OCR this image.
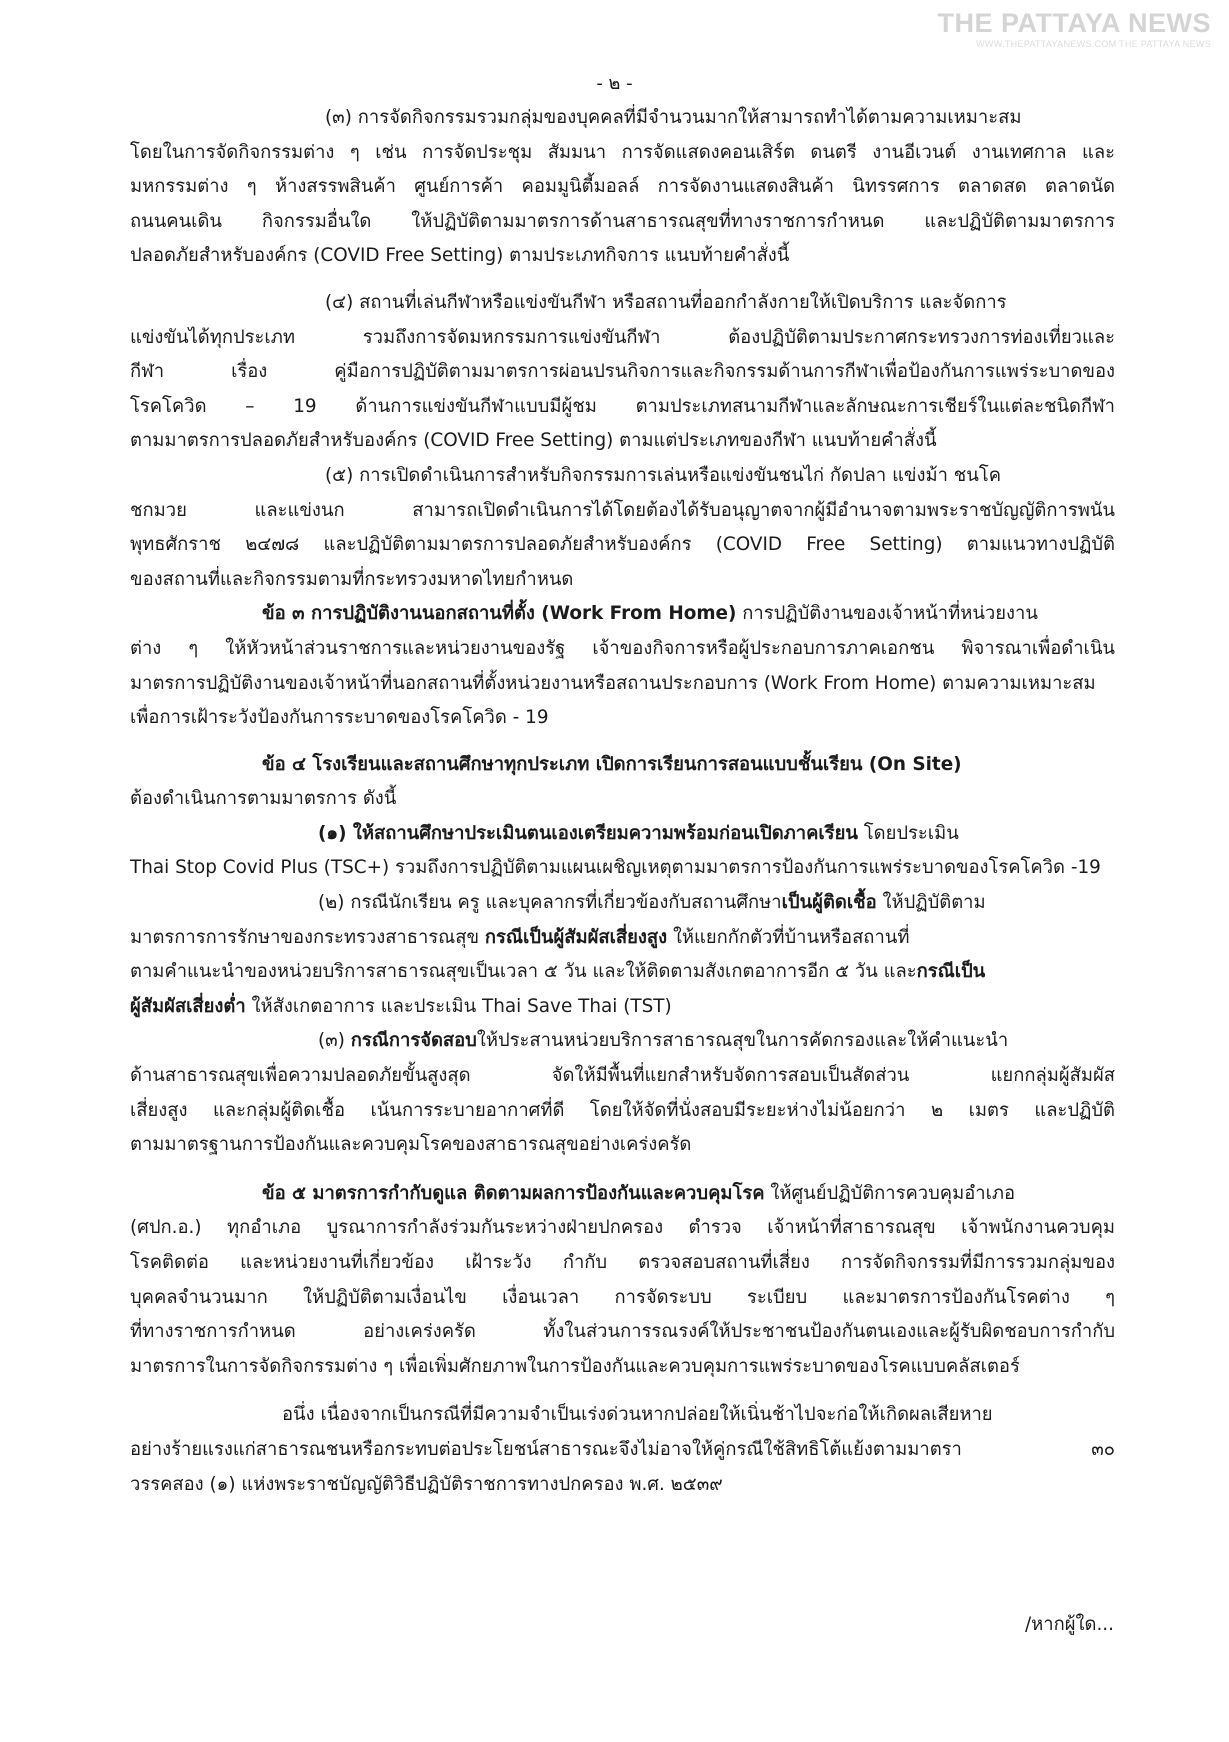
THE PATTAYA NEWS
WWW.THEPATTAYANEWS.COM THE PATTAYA NEWS
- ๒ -
(๓) การจัดกิจกรรมรวมกลุ่มของบุคคลที่มีจำนวนมากให้สามารถทำได้ตามความเหมาะสม
โดยในการจัดกิจกรรมต่าง ๆ เช่น การจัดประชุม สัมมนา การจัดแสดงคอนเสิร์ต ดนตรี งานอีเวนต์ งานเทศกาล และ
มหกรรมต่าง ๆ ห้างสรรพสินค้า ศูนย์การค้า คอมมูนิตี้มอลล์ การจัดงานแสดงสินค้า นิทรรศการ ตลาดสด ตลาดนัด
ถนนคนเดิน กิจกรรมอื่นใด ให้ปฏิบัติตามมาตรการด้านสาธารณสุขที่ทางราชการกำหนด และปฏิบัติตามมาตรการ
ปลอดภัยสำหรับองค์กร (COVID Free Setting) ตามประเภทกิจการ แนบท้ายคำสั่งนี้
(๔) สถานที่เล่นกีฬาหรือแข่งขันกีฬา หรือสถานที่ออกกำลังกายให้เปิดบริการ และจัดการ
แข่งขันได้ทุกประเภท รวมถึงการจัดมหกรรมการแข่งขันกีฬา ต้องปฏิบัติตามประกาศกระทรวงการท่องเที่ยวและ
กีฬา เรื่อง คู่มือการปฏิบัติตามมาตรการผ่อนปรนกิจการและกิจกรรมด้านการกีฬาเพื่อป้องกันการแพร่ระบาดของ
โรคโควิด – 19 ด้านการแข่งขันกีฬาแบบมีผู้ชม ตามประเภทสนามกีฬาและลักษณะการเชียร์ในแต่ละชนิดกีฬา
ตามมาตรการปลอดภัยสำหรับองค์กร (COVID Free Setting) ตามแต่ประเภทของกีฬา แนบท้ายคำสั่งนี้
(๕) การเปิดดำเนินการสำหรับกิจกรรมการเล่นหรือแข่งขันชนไก่ กัดปลา แข่งม้า ชนโค
ชกมวย และแข่งนก สามารถเปิดดำเนินการได้โดยต้องได้รับอนุญาตจากผู้มีอำนาจตามพระราชบัญญัติการพนัน
พุทธศักราช ๒๔๗๘ และปฏิบัติตามมาตรการปลอดภัยสำหรับองค์กร (COVID Free Setting) ตามแนวทางปฏิบัติ
ของสถานที่และกิจกรรมตามที่กระทรวงมหาดไทยกำหนด
ข้อ ๓ การปฏิบัติงานนอกสถานที่ตั้ง (Work From Home) การปฏิบัติงานของเจ้าหน้าที่หน่วยงาน
ต่าง ๆ ให้หัวหน้าส่วนราชการและหน่วยงานของรัฐ เจ้าของกิจการหรือผู้ประกอบการภาคเอกชน พิจารณาเพื่อดำเนิน
มาตรการปฏิบัติงานของเจ้าหน้าที่นอกสถานที่ตั้งหน่วยงานหรือสถานประกอบการ (Work From Home) ตามความเหมาะสม
เพื่อการเฝ้าระวังป้องกันการระบาดของโรคโควิด - 19
ข้อ ๔ โรงเรียนและสถานศึกษาทุกประเภท เปิดการเรียนการสอนแบบชั้นเรียน (On Site)
ต้องดำเนินการตามมาตรการ ดังนี้
(๑) ให้สถานศึกษาประเมินตนเองเตรียมความพร้อมก่อนเปิดภาคเรียน โดยประเมิน
Thai Stop Covid Plus (TSC+) รวมถึงการปฏิบัติตามแผนเผชิญเหตุตามมาตรการป้องกันการแพร่ระบาดของโรคโควิด -19
(๒) กรณีนักเรียน ครู และบุคลากรที่เกี่ยวข้องกับสถานศึกษาเป็นผู้ติดเชื้อ ให้ปฏิบัติตาม
มาตรการการรักษาของกระทรวงสาธารณสุข กรณีเป็นผู้สัมผัสเสี่ยงสูง ให้แยกกักตัวที่บ้านหรือสถานที่
ตามคำแนะนำของหน่วยบริการสาธารณสุขเป็นเวลา ๕ วัน และให้ติดตามสังเกตอาการอีก ๕ วัน และกรณีเป็น
ผู้สัมผัสเสี่ยงต่ำ ให้สังเกตอาการ และประเมิน Thai Save Thai (TST)
(๓) กรณีการจัดสอบให้ประสานหน่วยบริการสาธารณสุขในการคัดกรองและให้คำแนะนำ
ด้านสาธารณสุขเพื่อความปลอดภัยขั้นสูงสุด จัดให้มีพื้นที่แยกสำหรับจัดการสอบเป็นสัดส่วน แยกกลุ่มผู้สัมผัส
เสี่ยงสูง และกลุ่มผู้ติดเชื้อ เน้นการระบายอากาศที่ดี โดยให้จัดที่นั่งสอบมีระยะห่างไม่น้อยกว่า ๒ เมตร และปฏิบัติ
ตามมาตรฐานการป้องกันและควบคุมโรคของสาธารณสุขอย่างเคร่งครัด
ข้อ ๕ มาตรการกำกับดูแล ติดตามผลการป้องกันและควบคุมโรค ให้ศูนย์ปฏิบัติการควบคุมอำเภอ
(ศปก.อ.) ทุกอำเภอ บูรณาการกำลังร่วมกันระหว่างฝ่ายปกครอง ตำรวจ เจ้าหน้าที่สาธารณสุข เจ้าพนักงานควบคุม
โรคติดต่อ และหน่วยงานที่เกี่ยวข้อง เฝ้าระวัง กำกับ ตรวจสอบสถานที่เสี่ยง การจัดกิจกรรมที่มีการรวมกลุ่มของ
บุคคลจำนวนมาก ให้ปฏิบัติตามเงื่อนไข เงื่อนเวลา การจัดระบบ ระเบียบ และมาตรการป้องกันโรคต่าง ๆ
ที่ทางราชการกำหนด อย่างเคร่งครัด ทั้งในส่วนการรณรงค์ให้ประชาชนป้องกันตนเองและผู้รับผิดชอบการกำกับ
มาตรการในการจัดกิจกรรมต่าง ๆ เพื่อเพิ่มศักยภาพในการป้องกันและควบคุมการแพร่ระบาดของโรคแบบคลัสเตอร์
อนึ่ง เนื่องจากเป็นกรณีที่มีความจำเป็นเร่งด่วนหากปล่อยให้เนิ่นช้าไปจะก่อให้เกิดผลเสียหาย
อย่างร้ายแรงแก่สาธารณชนหรือกระทบต่อประโยชน์สาธารณะจึงไม่อาจให้คู่กรณีใช้สิทธิโต้แย้งตามมาตรา ๓๐
วรรคสอง (๑) แห่งพระราชบัญญัติวิธีปฏิบัติราชการทางปกครอง พ.ศ. ๒๕๓๙
/หากผู้ใด...
